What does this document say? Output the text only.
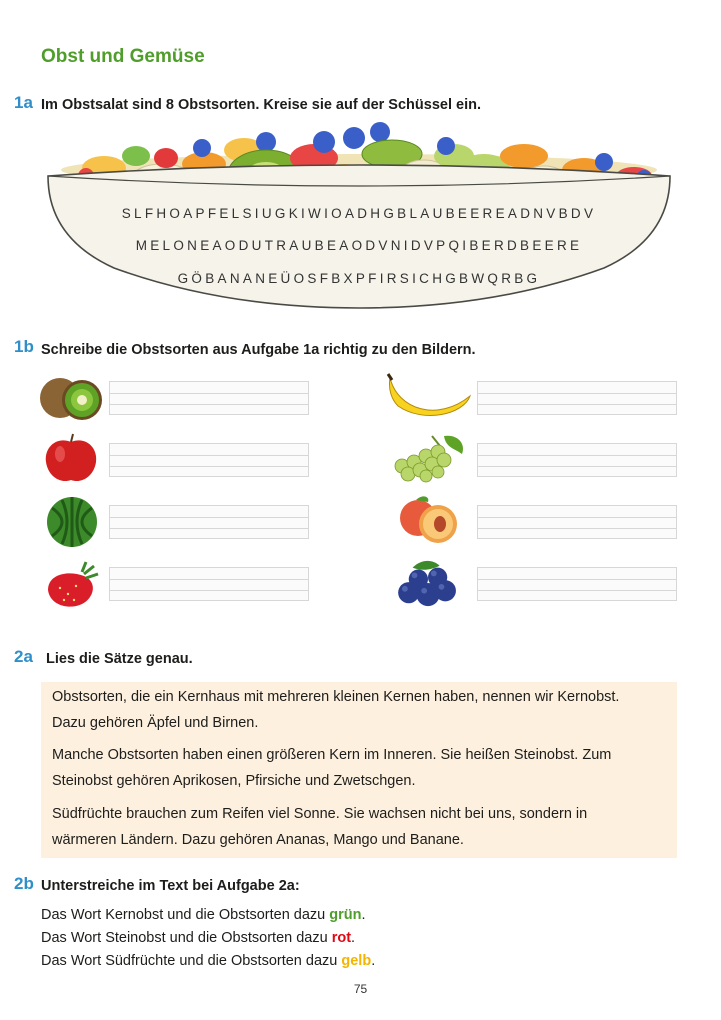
Obst und Gemüse
1a Im Obstsalat sind 8 Obstsorten. Kreise sie auf der Schüssel ein.
SLFHOAPFELSIUGKIWIOADHGBLAUBEEREADNVBDV
MELONEAODUTRAUBEAODVNIDVPQIBERDBEERE
GÖBANANEÜOSFBXPFIRSICHGBWQRBG
1b Schreibe die Obstsorten aus Aufgabe 1a richtig zu den Bildern.
2a Lies die Sätze genau.
Obstsorten, die ein Kernhaus mit mehreren kleinen Kernen haben, nennen wir Kernobst.
Dazu gehören Äpfel und Birnen.
Manche Obstsorten haben einen größeren Kern im Inneren. Sie heißen Steinobst. Zum
Steinobst gehören Aprikosen, Pfirsiche und Zwetschgen.
Südfrüchte brauchen zum Reifen viel Sonne. Sie wachsen nicht bei uns, sondern in
wärmeren Ländern. Dazu gehören Ananas, Mango und Banane.
2b Unterstreiche im Text bei Aufgabe 2a:
Das Wort Kernobst und die Obstsorten dazu grün.
Das Wort Steinobst und die Obstsorten dazu rot.
Das Wort Südfrüchte und die Obstsorten dazu gelb.
75
